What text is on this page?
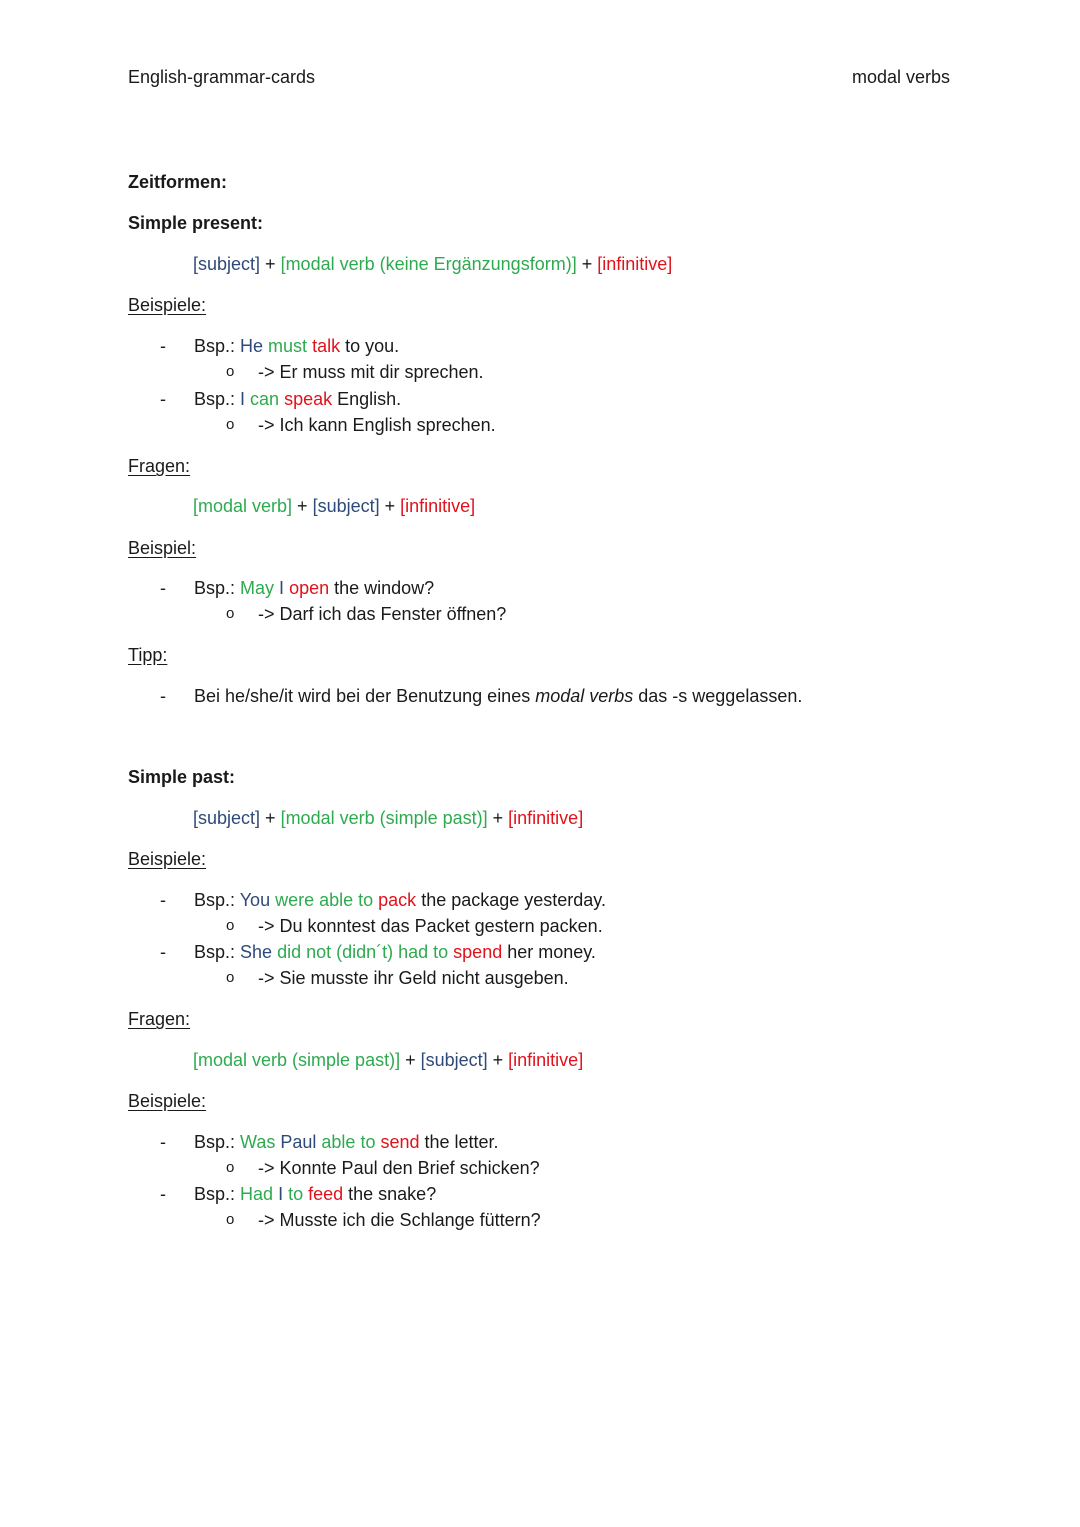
English-grammar-cards	modal verbs
Zeitformen:
Simple present:
[subject] + [modal verb (keine Ergänzungsform)] + [infinitive]
Beispiele:
- Bsp.: He must talk to you.
o -> Er muss mit dir sprechen.
- Bsp.: I can speak English.
o -> Ich kann English sprechen.
Fragen:
[modal verb] + [subject] + [infinitive]
Beispiel:
- Bsp.: May I open the window?
o -> Darf ich das Fenster öffnen?
Tipp:
- Bei he/she/it wird bei der Benutzung eines modal verbs das -s weggelassen.
Simple past:
[subject] + [modal verb (simple past)] + [infinitive]
Beispiele:
- Bsp.: You were able to pack the package yesterday.
o -> Du konntest das Packet gestern packen.
- Bsp.: She did not (didn´t) had to spend her money.
o -> Sie musste ihr Geld nicht ausgeben.
Fragen:
[modal verb (simple past)] + [subject] + [infinitive]
Beispiele:
- Bsp.: Was Paul able to send the letter.
o -> Konnte Paul den Brief schicken?
- Bsp.: Had I to feed the snake?
o -> Musste ich die Schlange füttern?
